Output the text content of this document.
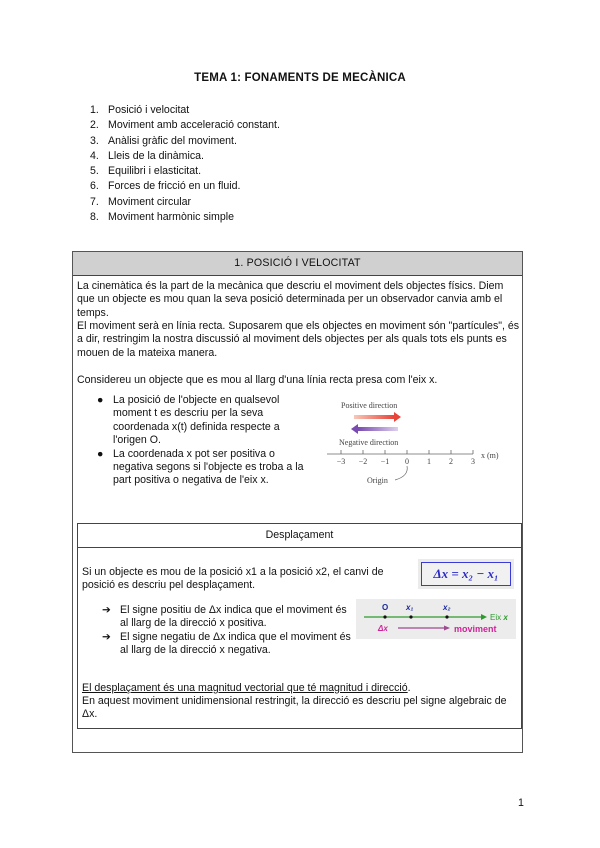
TEMA 1: FONAMENTS DE MECÀNICA
1. Posició i velocitat
2. Moviment amb acceleració constant.
3. Anàlisi gràfic del moviment.
4. Lleis de la dinàmica.
5. Equilibri i elasticitat.
6. Forces de fricció en un fluid.
7. Moviment circular
8. Moviment harmònic simple
1. POSICIÓ I VELOCITAT
La cinemàtica és la part de la mecànica que descriu el moviment dels objectes físics. Diem que un objecte es mou quan la seva posició determinada per un observador canvia amb el temps.
El moviment serà en línia recta. Suposarem que els objectes en moviment són "partícules", és a dir, restringim la nostra discussió al moviment dels objectes per als quals tots els punts es mouen de la mateixa manera.
Considereu un objecte que es mou al llarg d'una línia recta presa com l'eix x.
● La posició de l'objecte en qualsevol moment t es descriu per la seva coordenada x(t) definida respecte a l'origen O.
● La coordenada x pot ser positiva o negativa segons si l'objecte es troba a la part positiva o negativa de l'eix x.
Positive direction
Negative direction
−3 −2 −1 0 1 2 3
x (m)
Origin
Desplaçament
Si un objecte es mou de la posició x1 a la posició x2, el canvi de
posició es descriu pel desplaçament.
Δx = x₂ − x₁
➔ El signe positiu de Δx indica que el moviment és al llarg de la direcció x positiva.
➔ El signe negatiu de Δx indica que el moviment és al llarg de la direcció x negativa.
O x₁	x₂
Eix x
Δx	moviment
El desplaçament és una magnitud vectorial que té magnitud i direcció.
En aquest moviment unidimensional restringit, la direcció es descriu pel signe algebraic de Δx.
1
